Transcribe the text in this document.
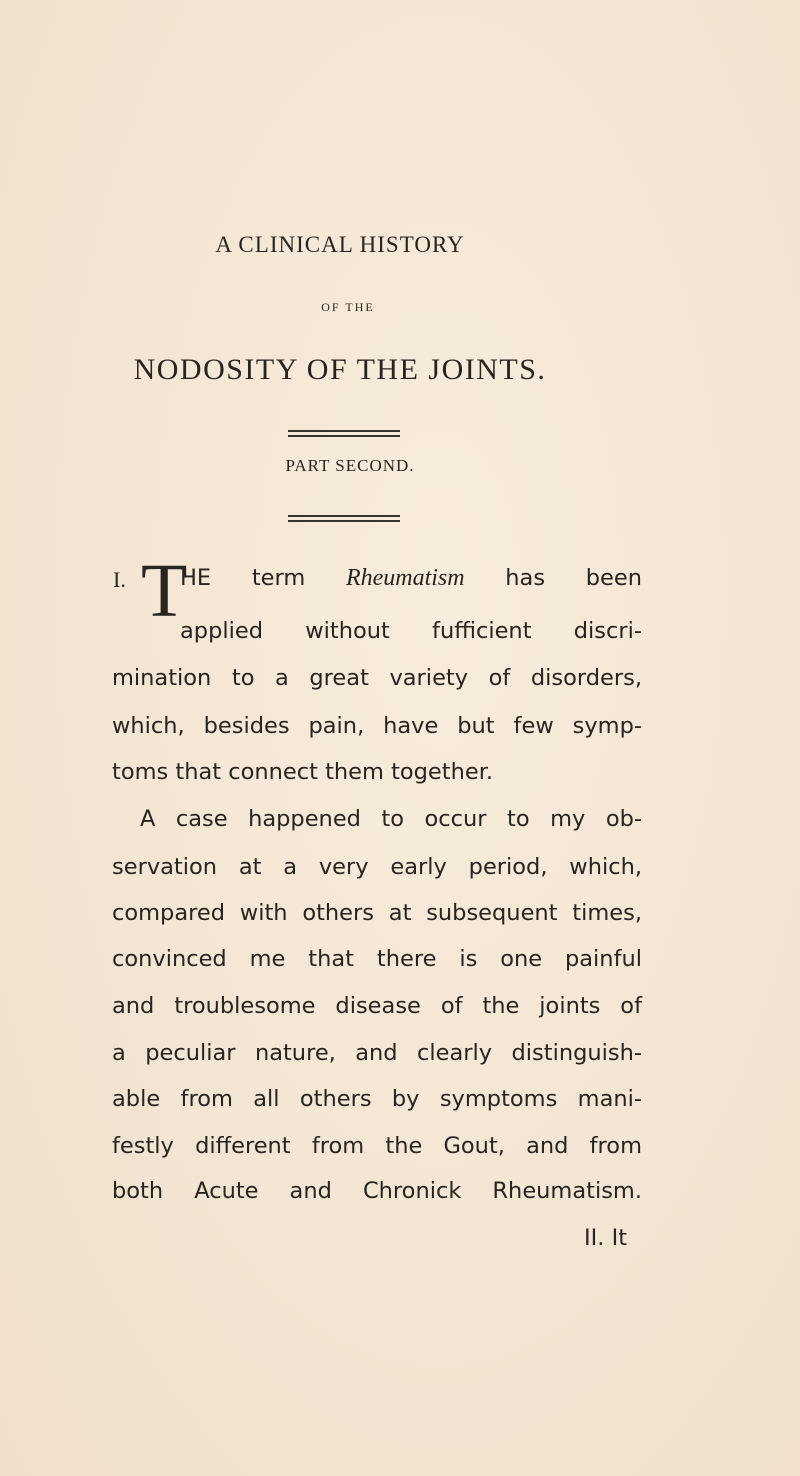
A CLINICAL HISTORY
OF THE
NODOSITY OF THE JOINTS.
PART SECOND.
I. T
HE term Rheumatism has been
applied without fufficient discri-
mination to a great variety of disorders,
which, besides pain, have but few symp-
toms that connect them together.
A case happened to occur to my ob-
servation at a very early period, which,
compared with others at subsequent times,
convinced me that there is one painful
and troublesome disease of the joints of
a peculiar nature, and clearly distinguish-
able from all others by symptoms mani-
festly different from the Gout, and from
both Acute and Chronick Rheumatism.
II. It
